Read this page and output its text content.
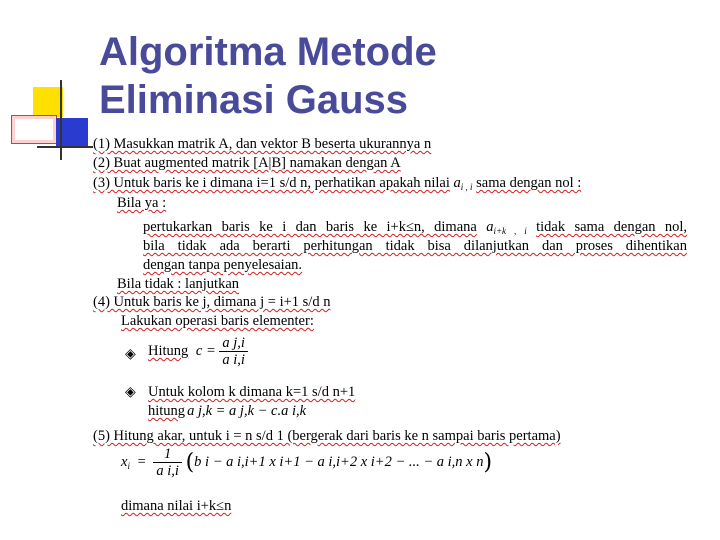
Algoritma Metode
Eliminasi Gauss
(1) Masukkan matrik A, dan vektor B beserta ukurannya n
(2) Buat augmented matrik [A|B] namakan dengan A
(3) Untuk baris ke i dimana i=1 s/d n, perhatikan apakah nilai $a_{i , i}$ sama dengan nol :
Bila ya :
pertukarkan baris ke i dan baris ke i+k≤n, dimana $a_{i+k , i}$ tidak sama dengan nol,
bila tidak ada berarti perhitungan tidak bisa dilanjutkan dan proses dihentikan
dengan tanpa penyelesaian.
Bila tidak : lanjutkan
(4) Untuk baris ke j, dimana j = i+1 s/d n
Lakukan operasi baris elementer:
◈ Hitung $c = \frac{\text{a j,i}}{\text{a i,i}}$
◈ Untuk kolom k dimana k=1 s/d n+1
hitung a j,k = a j,k − c.a i,k
(5) Hitung akar, untuk i = n s/d 1 (bergerak dari baris ke n sampai baris pertama)
$x_i = \frac{1}{\text{a i,i}} (b$ i − a i,i+1 x i+1 − a i,i+2 x i+2 − ... − a i,n x n)
dimana nilai i+k≤n
